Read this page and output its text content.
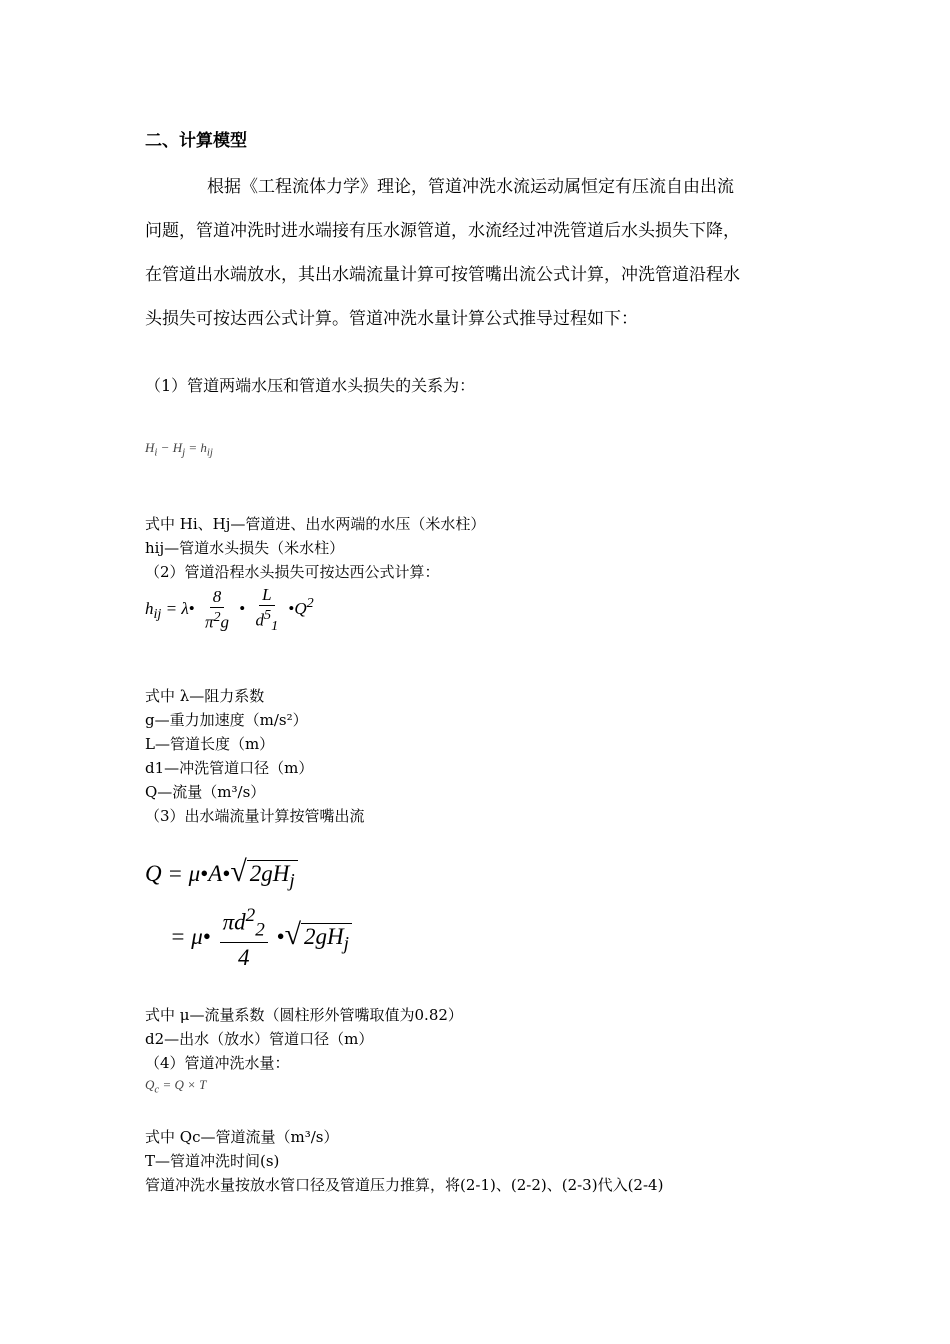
二、计算模型
根据《工程流体力学》理论，管道冲洗水流运动属恒定有压流自由出流
问题，管道冲洗时进水端接有压水源管道，水流经过冲洗管道后水头损失下降，
在管道出水端放水，其出水端流量计算可按管嘴出流公式计算，冲洗管道沿程水
头损失可按达西公式计算。管道冲洗水量计算公式推导过程如下：
（1）管道两端水压和管道水头损失的关系为：
$H_i - H_j = h_{ij}$
式中 Hi、Hj—管道进、出水两端的水压（米水柱）
hij—管道水头损失（米水柱）
（2）管道沿程水头损失可按达西公式计算：
$h_{ij}$ = λ• $\frac{8}{\pi^2g}$ • $\frac{L}{d^5_1}$ $•Q^2$
式中 λ—阻力系数
g—重力加速度（m/s²）
L—管道长度（m）
d1—冲洗管道口径（m）
Q—流量（m³/s）
（3）出水端流量计算按管嘴出流
Q = μ•A•√ $2gH_j$
= μ• $\frac{\pi d^2_2}{4}$ •√ $2gH_j$
式中 μ—流量系数（圆柱形外管嘴取值为0.82）
d2—出水（放水）管道口径（m）
（4）管道冲洗水量：
$Q_c = Q \times T$
式中 Qc—管道流量（m³/s）
T—管道冲洗时间(s)
管道冲洗水量按放水管口径及管道压力推算，将(2-1)、(2-2)、(2-3)代入(2-4)
